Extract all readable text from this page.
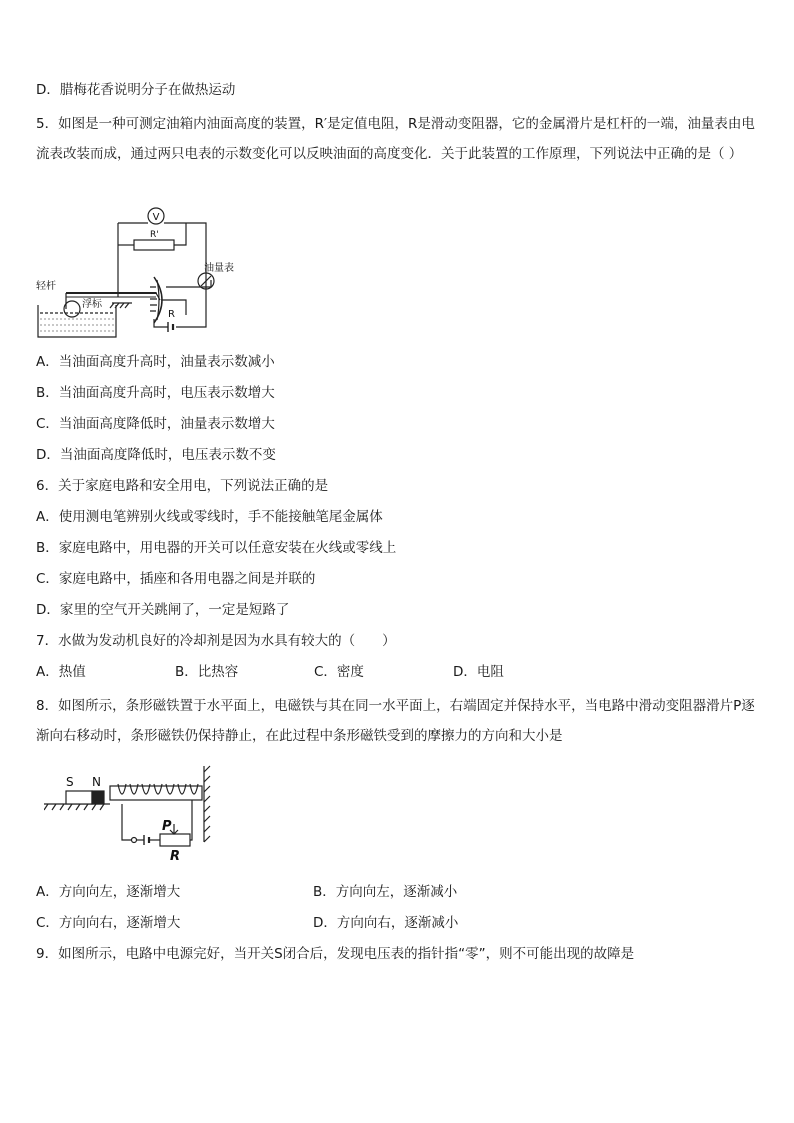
D．腊梅花香说明分子在做热运动
5．如图是一种可测定油箱内油面高度的装置，R′是定值电阻，R是滑动变阻器，它的金属滑片是杠杆的一端，油量表由电流表改装而成，通过两只电表的示数变化可以反映油面的高度变化．关于此装置的工作原理，下列说法中正确的是（ ）
V
R'
R
油量表
轻杆
浮标
A．当油面高度升高时，油量表示数减小
B．当油面高度升高时，电压表示数增大
C．当油面高度降低时，油量表示数增大
D．当油面高度降低时，电压表示数不变
6．关于家庭电路和安全用电，下列说法正确的是
A．使用测电笔辨别火线或零线时，手不能接触笔尾金属体
B．家庭电路中，用电器的开关可以任意安装在火线或零线上
C．家庭电路中，插座和各用电器之间是并联的
D．家里的空气开关跳闸了，一定是短路了
7．水做为发动机良好的冷却剂是因为水具有较大的（　　）
A．热值	B．比热容	C．密度	D．电阻
8．如图所示，条形磁铁置于水平面上，电磁铁与其在同一水平面上，右端固定并保持水平，当电路中滑动变阻器滑片P逐渐向右移动时，条形磁铁仍保持静止，在此过程中条形磁铁受到的摩擦力的方向和大小是
S N
P
R
A．方向向左，逐渐增大	B．方向向左，逐渐减小
C．方向向右，逐渐增大	D．方向向右，逐渐减小
9．如图所示，电路中电源完好，当开关S闭合后，发现电压表的指针指“零”，则不可能出现的故障是
